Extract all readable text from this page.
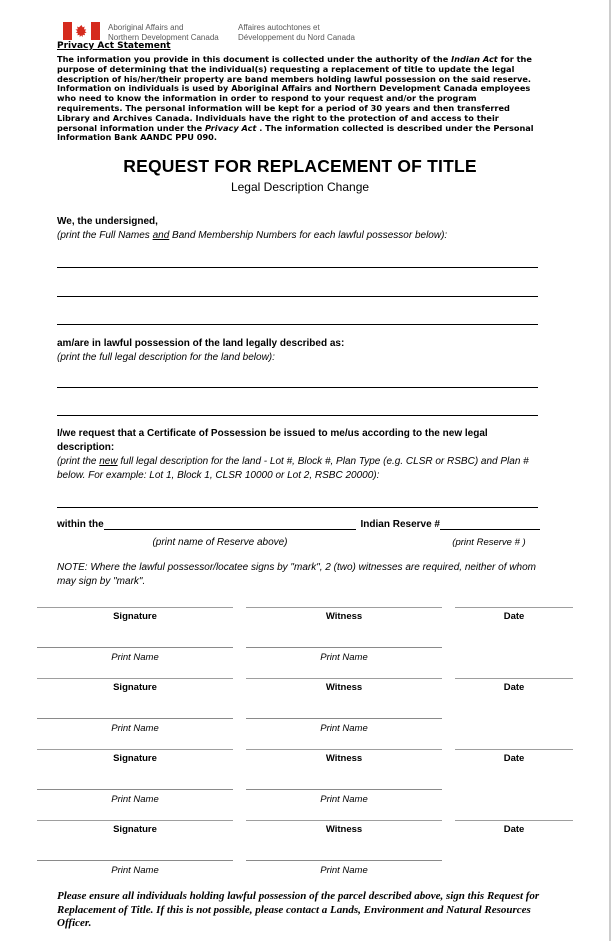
Aboriginal Affairs and
Northern Development Canada
Affaires autochtones et
Développement du Nord Canada
Privacy Act Statement
The information you provide in this document is collected under the authority of the Indian Act for the purpose of determining that the individual(s) requesting a replacement of title to update the legal description of his/her/their property are band members holding lawful possession on the said reserve. Information on individuals is used by Aboriginal Affairs and Northern Development Canada employees who need to know the information in order to respond to your request and/or the program requirements. The personal information will be kept for a period of 30 years and then transferred Library and Archives Canada. Individuals have the right to the protection of and access to their personal information under the Privacy Act . The information collected is described under the Personal Information Bank AANDC PPU 090.
REQUEST FOR REPLACEMENT OF TITLE
Legal Description Change
We, the undersigned,
(print the Full Names and Band Membership Numbers for each lawful possessor below):
am/are in lawful possession of the land legally described as:
(print the full legal description for the land below):
I/we request that a Certificate of Possession be issued to me/us according to the new legal description:
(print the new full legal description for the land - Lot #, Block #, Plan Type (e.g. CLSR or RSBC) and Plan # below. For example: Lot 1, Block 1, CLSR 10000 or Lot 2, RSBC 20000):
within the	Indian Reserve #
(print name of Reserve above)	(print Reserve # )
NOTE: Where the lawful possessor/locatee signs by "mark", 2 (two) witnesses are required, neither of whom may sign by "mark".
Signature
Print Name
Witness
Print Name
Date
Signature
Print Name
Witness
Print Name
Date
Signature
Print Name
Witness
Print Name
Date
Signature
Print Name
Witness
Print Name
Date
Please ensure all individuals holding lawful possession of the parcel described above, sign this Request for Replacement of Title. If this is not possible, please contact a Lands, Environment and Natural Resources Officer.
